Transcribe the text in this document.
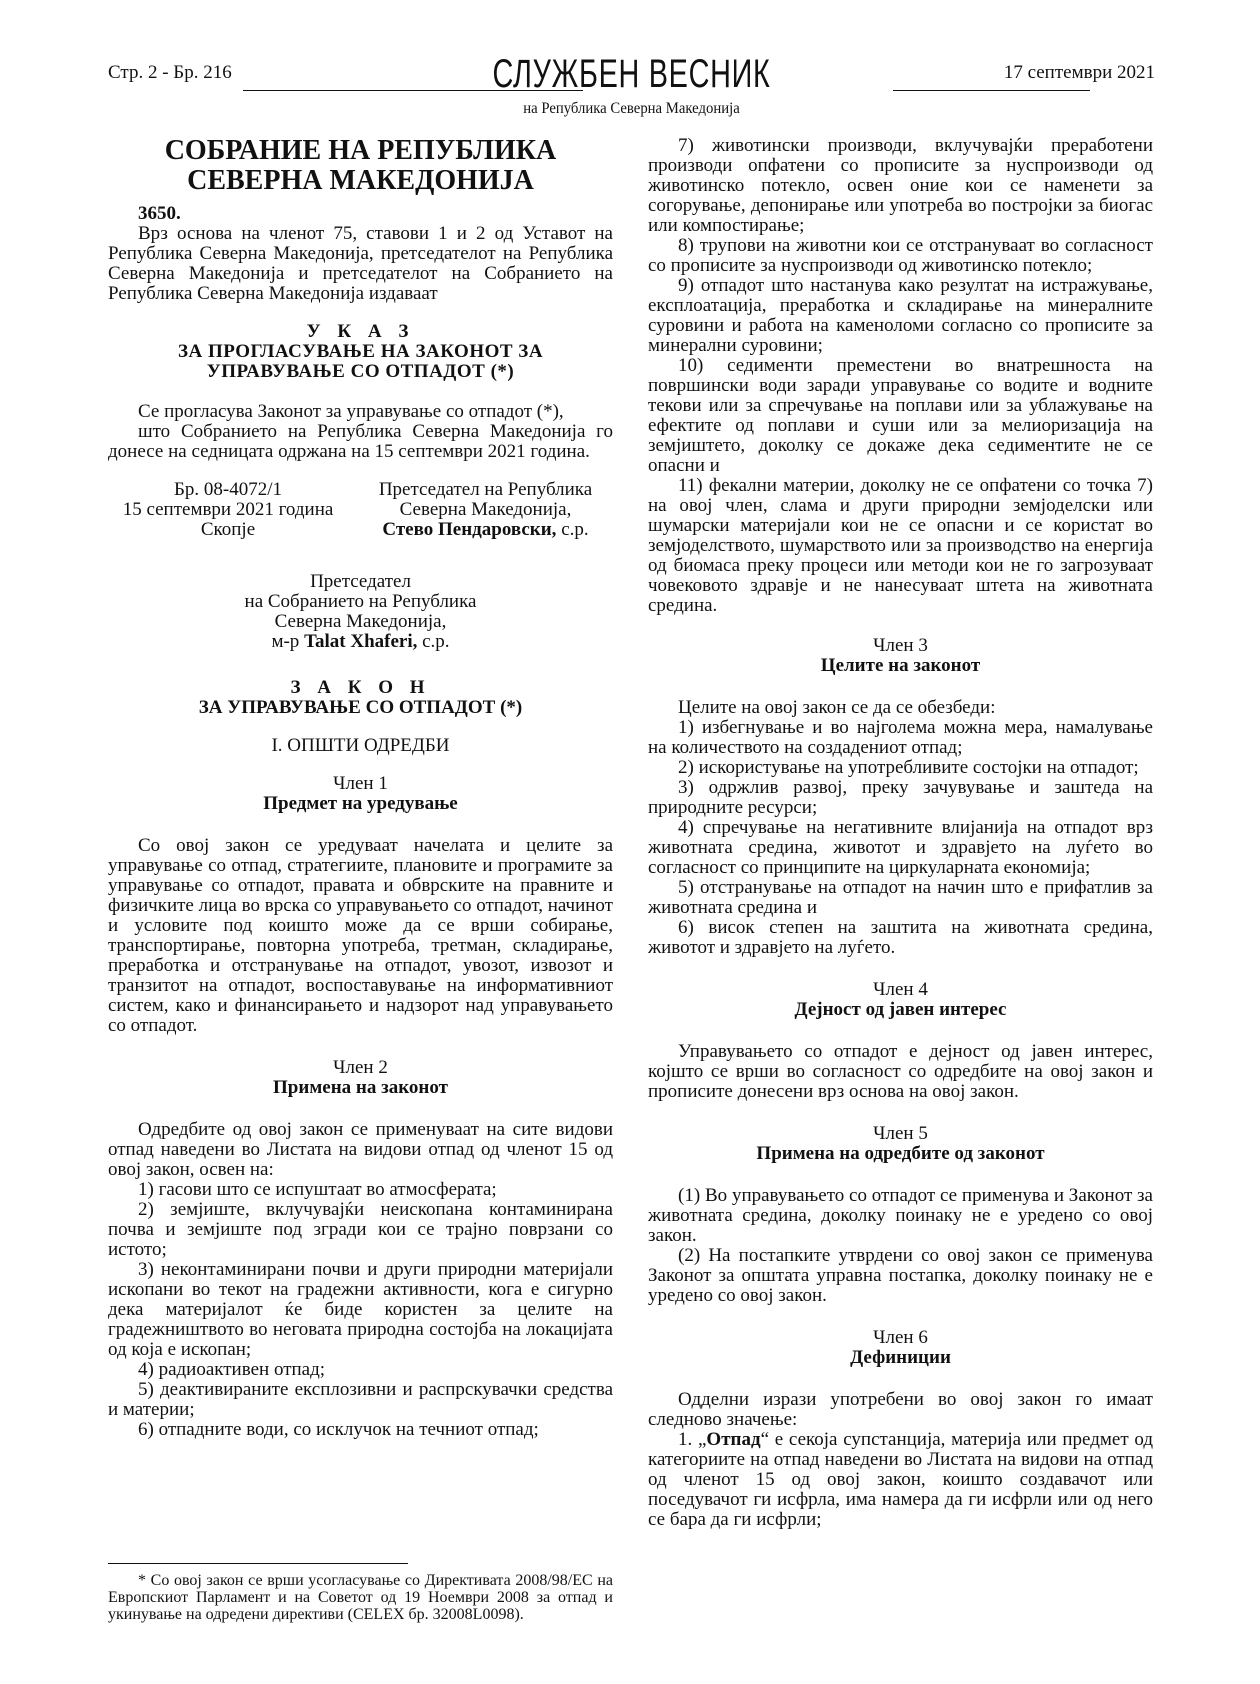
Стр. 2 - Бр. 216	СЛУЖБЕН ВЕСНИК	17 септември 2021
на Република Северна Македонија
СОБРАНИЕ НА РЕПУБЛИКА СЕВЕРНА МАКЕДОНИЈА

3650.

Врз основа на членот 75, ставови 1 и 2 од Уставот на Република Северна Македонија, претседателот на Република Северна Македонија и претседателот на Собранието на Република Северна Македонија издаваат

У К А З
ЗА ПРОГЛАСУВАЊЕ НА ЗАКОНОТ ЗА УПРАВУВАЊЕ СО ОТПАДОТ (*)

Се прогласува Законот за управување со отпадот (*),

што Собранието на Република Северна Македонија го донесе на седницата одржана на 15 септември 2021 година.

Бр. 08-4072/1
15 септември 2021 година
Скопје
Претседател на Република
Северна Македонија,
Стево Пендаровски, с.р.
Претседател
на Собранието на Република
Северна Македонија,
м-р Talat Xhaferi, с.р.
З А К О Н
ЗА УПРАВУВАЊЕ СО ОТПАДОТ (*)
I. ОПШТИ ОДРЕДБИ
Член 1
Предмет на уредување

Со овој закон се уредуваат начелата и целите за управување со отпад, стратегиите, плановите и програмите за управување со отпадот, правата и обврските на правните и физичките лица во врска со управувањето со отпадот, начинот и условите под коишто може да се врши собирање, транспортирање, повторна употреба, третман, складирање, преработка и отстранување на отпадот, увозот, извозот и транзитот на отпадот, воспоставување на информативниот систем, како и финансирањето и надзорот над управувањето со отпадот.

Член 2
Примена на законот

Одредбите од овој закон се применуваат на сите видови отпад наведени во Листата на видови отпад од членот 15 од овој закон, освен на:

1) гасови што се испуштаат во атмосферата;

2) земјиште, вклучувајќи неископана контаминирана почва и земјиште под згради кои се трајно поврзани со истото;

3) неконтаминирани почви и други природни материјали ископани во текот на градежни активности, кога е сигурно дека материјалот ќе биде користен за целите на градежништвото во неговата природна состојба на локацијата од која е ископан;

4) радиоактивен отпад;

5) деактивираните експлозивни и распрскувачки средства и материи;

6) отпадните води, со исклучок на течниот отпад;

* Со овој закон се врши усогласување со Директивата 2008/98/ЕС на Европскиот Парламент и на Советот од 19 Ноември 2008 за отпад и укинување на одредени директиви (CELEX бр. 32008L0098).

7) животински производи, вклучувајќи преработени производи опфатени со прописите за нуспроизводи од животинско потекло, освен оние кои се наменети за согорување, депонирање или употреба во постројки за биогас или компостирање;

8) трупови на животни кои се отстрануваат во согласност со прописите за нуспроизводи од животинско потекло;

9) отпадот што настанува како резултат на истражување, експлоатација, преработка и складирање на минералните суровини и работа на каменоломи согласно со прописите за минерални суровини;

10) седименти преместени во внатрешноста на површински води заради управување со водите и водните текови или за спречување на поплави или за ублажување на ефектите од поплави и суши или за мелиоризација на земјиштето, доколку се докаже дека седиментите не се опасни и

11) фекални материи, доколку не се опфатени со точка 7) на овој член, слама и други природни земјоделски или шумарски материјали кои не се опасни и се користат во земјоделството, шумарството или за производство на енергија од биомаса преку процеси или методи кои не го загрозуваат човековото здравје и не нанесуваат штета на животната средина.

Член 3
Целите на законот

Целите на овој закон се да се обезбеди:

1) избегнување и во најголема можна мера, намалување на количеството на создадениот отпад;

2) искористување на употребливите состојки на отпадот;

3) одржлив развој, преку зачувување и заштеда на природните ресурси;

4) спречување на негативните влијанија на отпадот врз животната средина, животот и здравјето на луѓето во согласност со принципите на циркуларната економија;

5) отстранување на отпадот на начин што е прифатлив за животната средина и

6) висок степен на заштита на животната средина, животот и здравјето на луѓето.

Член 4
Дејност од јавен интерес

Управувањето со отпадот е дејност од јавен интерес, којшто се врши во согласност со одредбите на овој закон и прописите донесени врз основа на овој закон.

Член 5
Примена на одредбите од законот

(1) Во управувањето со отпадот се применува и Законот за животната средина, доколку поинаку не е уредено со овој закон.

(2) На постапките утврдени со овој закон се применува Законот за општата управна постапка, доколку поинаку не е уредено со овој закон.

Член 6
Дефиниции

Одделни изрази употребени во овој закон го имаат следново значење:

1. „Отпад“ е секоја супстанција, материја или предмет од категориите на отпад наведени во Листата на видови на отпад од членот 15 од овој закон, коишто создавачот или поседувачот ги исфрла, има намера да ги исфрли или од него се бара да ги исфрли;
